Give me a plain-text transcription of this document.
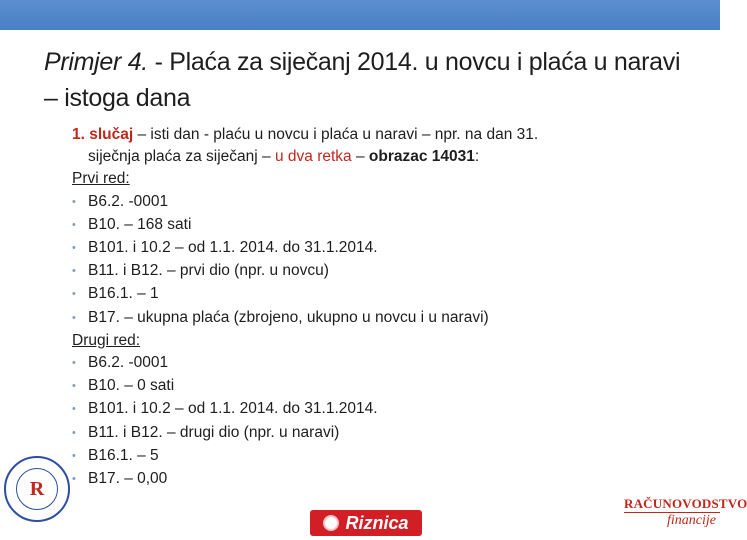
Primjer 4. - Plaća za siječanj 2014. u novcu i plaća u naravi – istoga dana
1. slučaj – isti dan - plaću u novcu i plaća u naravi – npr. na dan 31.
siječnja plaća za siječanj – u dva retka – obrazac 14031:
Prvi red:
• B6.2. -0001
• B10. – 168 sati
• B101. i 10.2 – od 1.1. 2014. do 31.1.2014.
• B11. i B12. – prvi dio (npr. u novcu)
• B16.1. – 1
• B17. – ukupna plaća (zbrojeno, ukupno u novcu i u naravi)
Drugi red:
• B6.2. -0001
• B10. – 0 sati
• B101. i 10.2 – od 1.1. 2014. do 31.1.2014.
• B11. i B12. – drugi dio (npr. u naravi)
• B16.1. – 5
• B17. – 0,00
R
Riznica
RAČUNOVODSTVO
financije
